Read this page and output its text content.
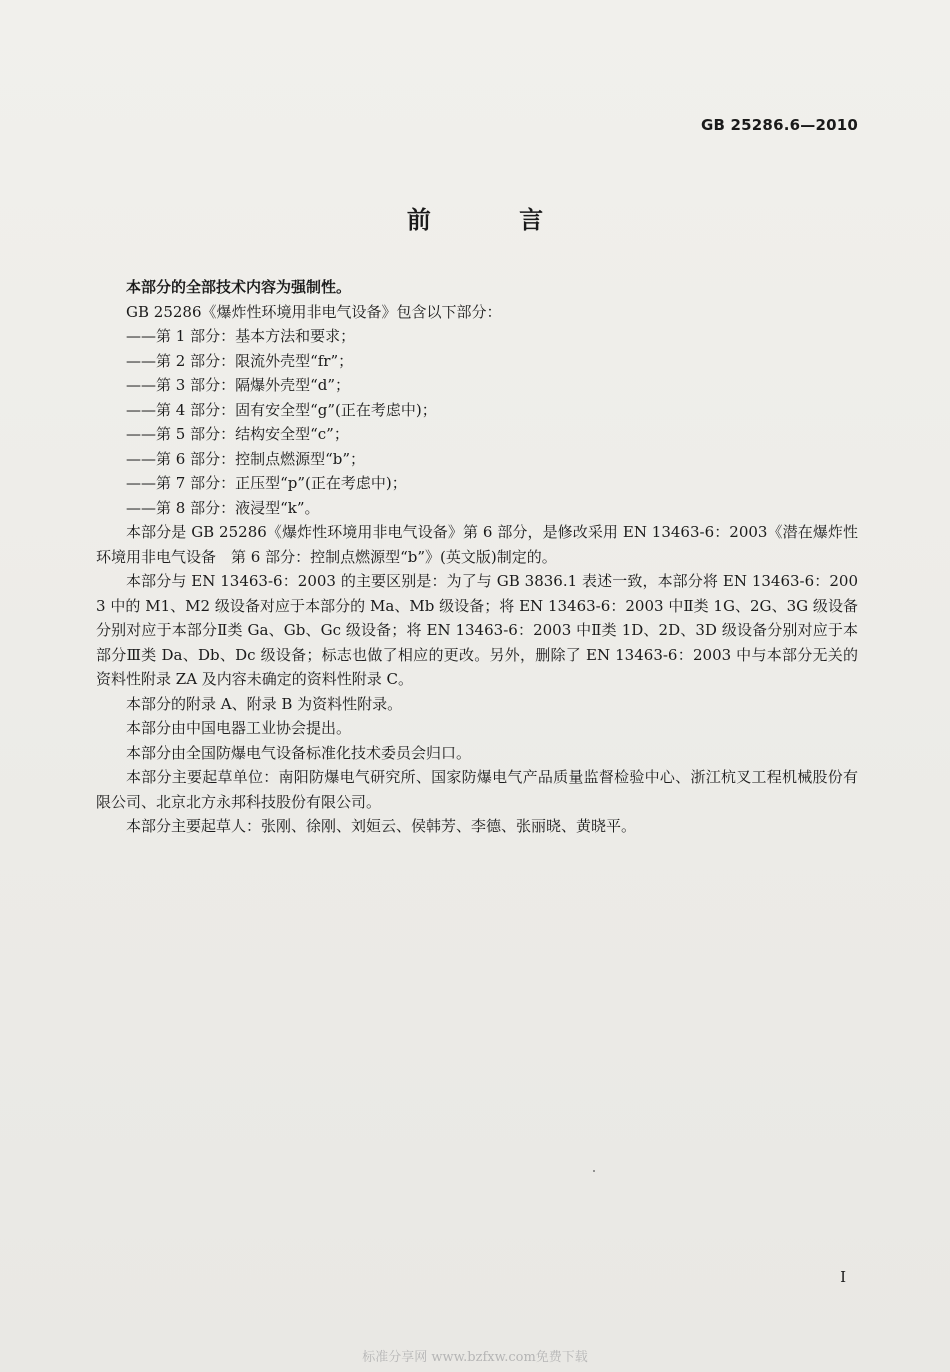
GB 25286.6—2010
前 言

本部分的全部技术内容为强制性。

GB 25286《爆炸性环境用非电气设备》包含以下部分：

——第 1 部分：基本方法和要求；

——第 2 部分：限流外壳型“fr”；

——第 3 部分：隔爆外壳型“d”；

——第 4 部分：固有安全型“g”(正在考虑中)；

——第 5 部分：结构安全型“c”；

——第 6 部分：控制点燃源型“b”；

——第 7 部分：正压型“p”(正在考虑中)；

——第 8 部分：液浸型“k”。

本部分是 GB 25286《爆炸性环境用非电气设备》第 6 部分，是修改采用 EN 13463-6：2003《潜在爆炸性环境用非电气设备　第 6 部分：控制点燃源型“b”》(英文版)制定的。

本部分与 EN 13463-6：2003 的主要区别是：为了与 GB 3836.1 表述一致，本部分将 EN 13463-6：2003 中的 M1、M2 级设备对应于本部分的 Ma、Mb 级设备；将 EN 13463-6：2003 中Ⅱ类 1G、2G、3G 级设备分别对应于本部分Ⅱ类 Ga、Gb、Gc 级设备；将 EN 13463-6：2003 中Ⅱ类 1D、2D、3D 级设备分别对应于本部分Ⅲ类 Da、Db、Dc 级设备；标志也做了相应的更改。另外，删除了 EN 13463-6：2003 中与本部分无关的资料性附录 ZA 及内容未确定的资料性附录 C。

本部分的附录 A、附录 B 为资料性附录。

本部分由中国电器工业协会提出。

本部分由全国防爆电气设备标准化技术委员会归口。

本部分主要起草单位：南阳防爆电气研究所、国家防爆电气产品质量监督检验中心、浙江杭叉工程机械股份有限公司、北京北方永邦科技股份有限公司。

本部分主要起草人：张刚、徐刚、刘姮云、侯韩芳、李德、张丽晓、黄晓平。

Ⅰ
标准分享网 www.bzfxw.com免费下载
